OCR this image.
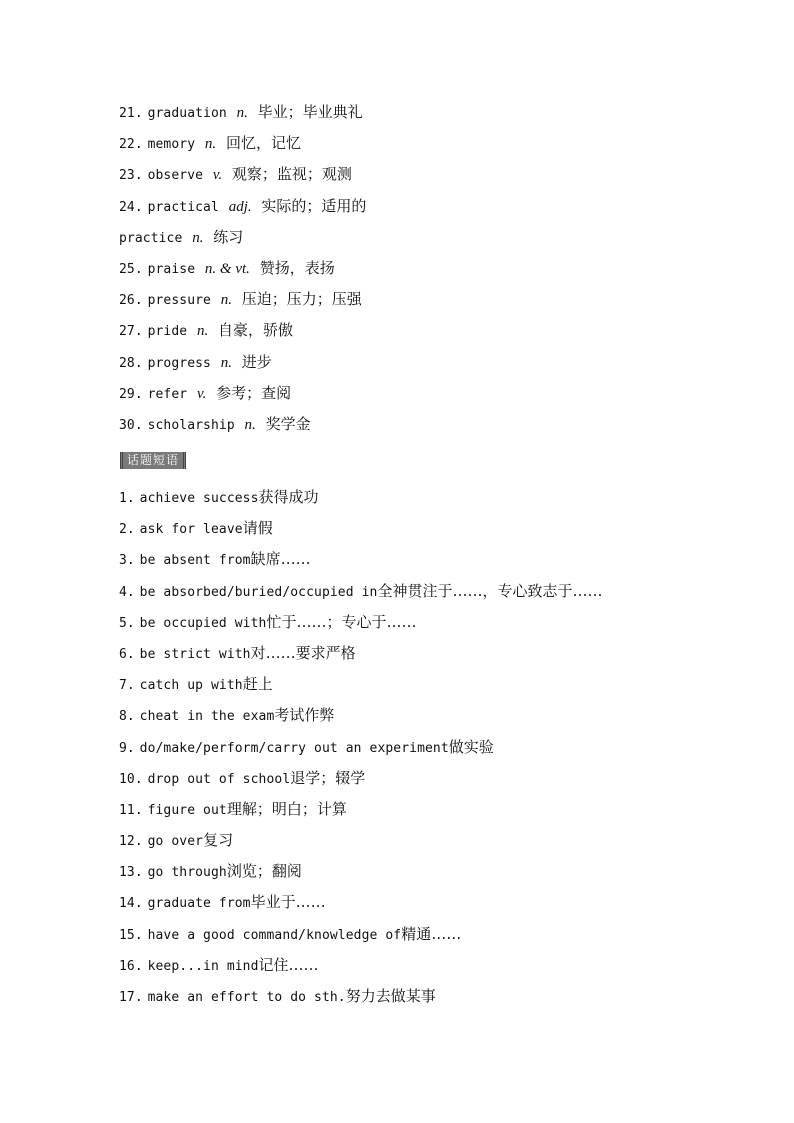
21. graduation n. 毕业；毕业典礼
22. memory n. 回忆，记忆
23. observe v. 观察；监视；观测
24. practical adj. 实际的；适用的
practice n. 练习
25. praise n. & vt. 赞扬，表扬
26. pressure n. 压迫；压力；压强
27. pride n. 自豪，骄傲
28. progress n. 进步
29. refer v. 参考；查阅
30. scholarship n. 奖学金
话题短语
1. achieve success获得成功
2. ask for leave请假
3. be absent from缺席……
4. be absorbed/buried/occupied in全神贯注于……，专心致志于……
5. be occupied with忙于……；专心于……
6. be strict with对……要求严格
7. catch up with赶上
8. cheat in the exam考试作弊
9. do/make/perform/carry out an experiment做实验
10. drop out of school退学；辍学
11. figure out理解；明白；计算
12. go over复习
13. go through浏览；翻阅
14. graduate from毕业于……
15. have a good command/knowledge of精通……
16. keep...in mind记住……
17. make an effort to do sth.努力去做某事
